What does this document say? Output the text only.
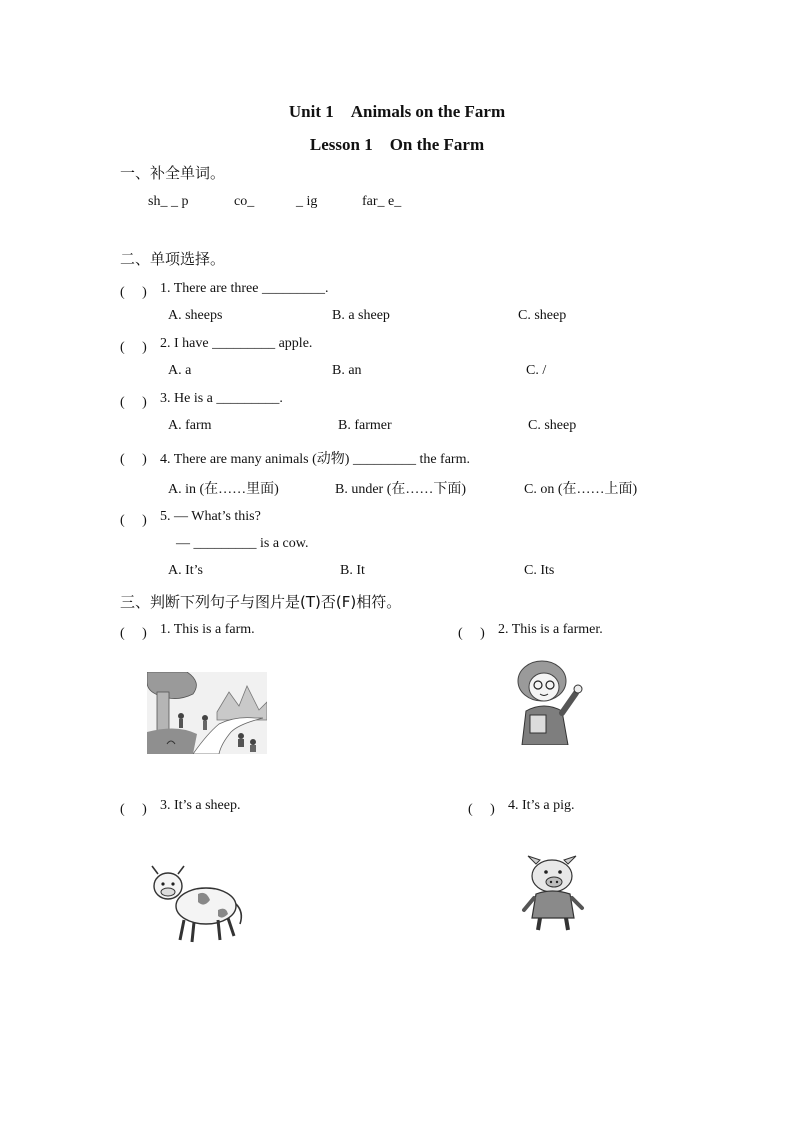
Unit 1　Animals on the Farm
Lesson 1　On the Farm
一、补全单词。
sh_ _ p	co_	_ ig	far_ e_
二、单项选择。
(　 ) 1. There are three _________.
A. sheeps	B. a sheep	C. sheep
(　 ) 2. I have _________ apple.
A. a	B. an	C. /
(　 ) 3. He is a _________.
A. farm	B. farmer	C. sheep
(　 ) 4. There are many animals (动物) _________ the farm.
A. in (在……里面)	B. under (在……下面)	C. on (在……上面)
(　 ) 5. — What’s this?
— _________ is a cow.
A. It’s	B. It	C. Its
三、判断下列句子与图片是(T)否(F)相符。
(　 ) 1. This is a farm.	(　 ) 2. This is a farmer.
(　 ) 3. It’s a sheep.	(　 ) 4. It’s a pig.
